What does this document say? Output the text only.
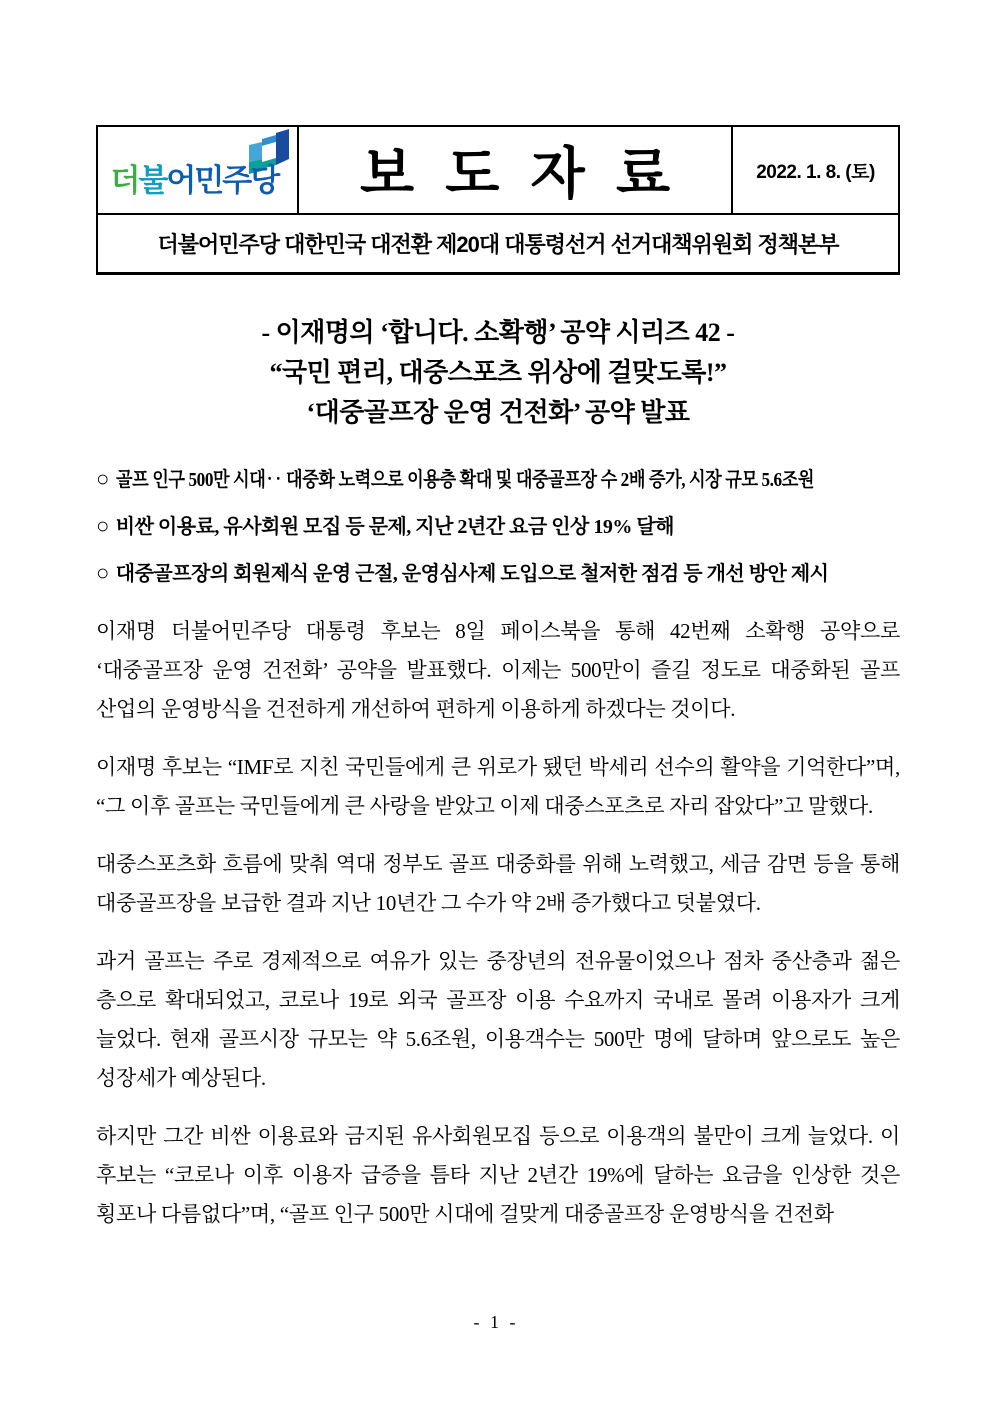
더불어민주당 보 도 자 료	2022. 1. 8. (토)
더불어민주당 대한민국 대전환 제20대 대통령선거 선거대책위원회 정책본부
- 이재명의 ‘합니다. 소확행’ 공약 시리즈 42 -
“국민 편리, 대중스포츠 위상에 걸맞도록!”
‘대중골프장 운영 건전화’ 공약 발표
○ 골프 인구 500만 시대‥ 대중화 노력으로 이용층 확대 및 대중골프장 수 2배 증가, 시장 규모 5.6조원
○ 비싼 이용료, 유사회원 모집 등 문제, 지난 2년간 요금 인상 19% 달해
○ 대중골프장의 회원제식 운영 근절, 운영심사제 도입으로 철저한 점검 등 개선 방안 제시

이재명 더불어민주당 대통령 후보는 8일 페이스북을 통해 42번째 소확행 공약으로 ‘대중골프장 운영 건전화’ 공약을 발표했다. 이제는 500만이 즐길 정도로 대중화된 골프 산업의 운영방식을 건전하게 개선하여 편하게 이용하게 하겠다는 것이다.

이재명 후보는 “IMF로 지친 국민들에게 큰 위로가 됐던 박세리 선수의 활약을 기억한다”며, “그 이후 골프는 국민들에게 큰 사랑을 받았고 이제 대중스포츠로 자리 잡았다”고 말했다.

대중스포츠화 흐름에 맞춰 역대 정부도 골프 대중화를 위해 노력했고, 세금 감면 등을 통해 대중골프장을 보급한 결과 지난 10년간 그 수가 약 2배 증가했다고 덧붙였다.

과거 골프는 주로 경제적으로 여유가 있는 중장년의 전유물이었으나 점차 중산층과 젊은 층으로 확대되었고, 코로나 19로 외국 골프장 이용 수요까지 국내로 몰려 이용자가 크게 늘었다. 현재 골프시장 규모는 약 5.6조원, 이용객수는 500만 명에 달하며 앞으로도 높은 성장세가 예상된다.

하지만 그간 비싼 이용료와 금지된 유사회원모집 등으로 이용객의 불만이 크게 늘었다. 이 후보는 “코로나 이후 이용자 급증을 틈타 지난 2년간 19%에 달하는 요금을 인상한 것은 횡포나 다름없다”며, “골프 인구 500만 시대에 걸맞게 대중골프장 운영방식을 건전화

- 1 -
